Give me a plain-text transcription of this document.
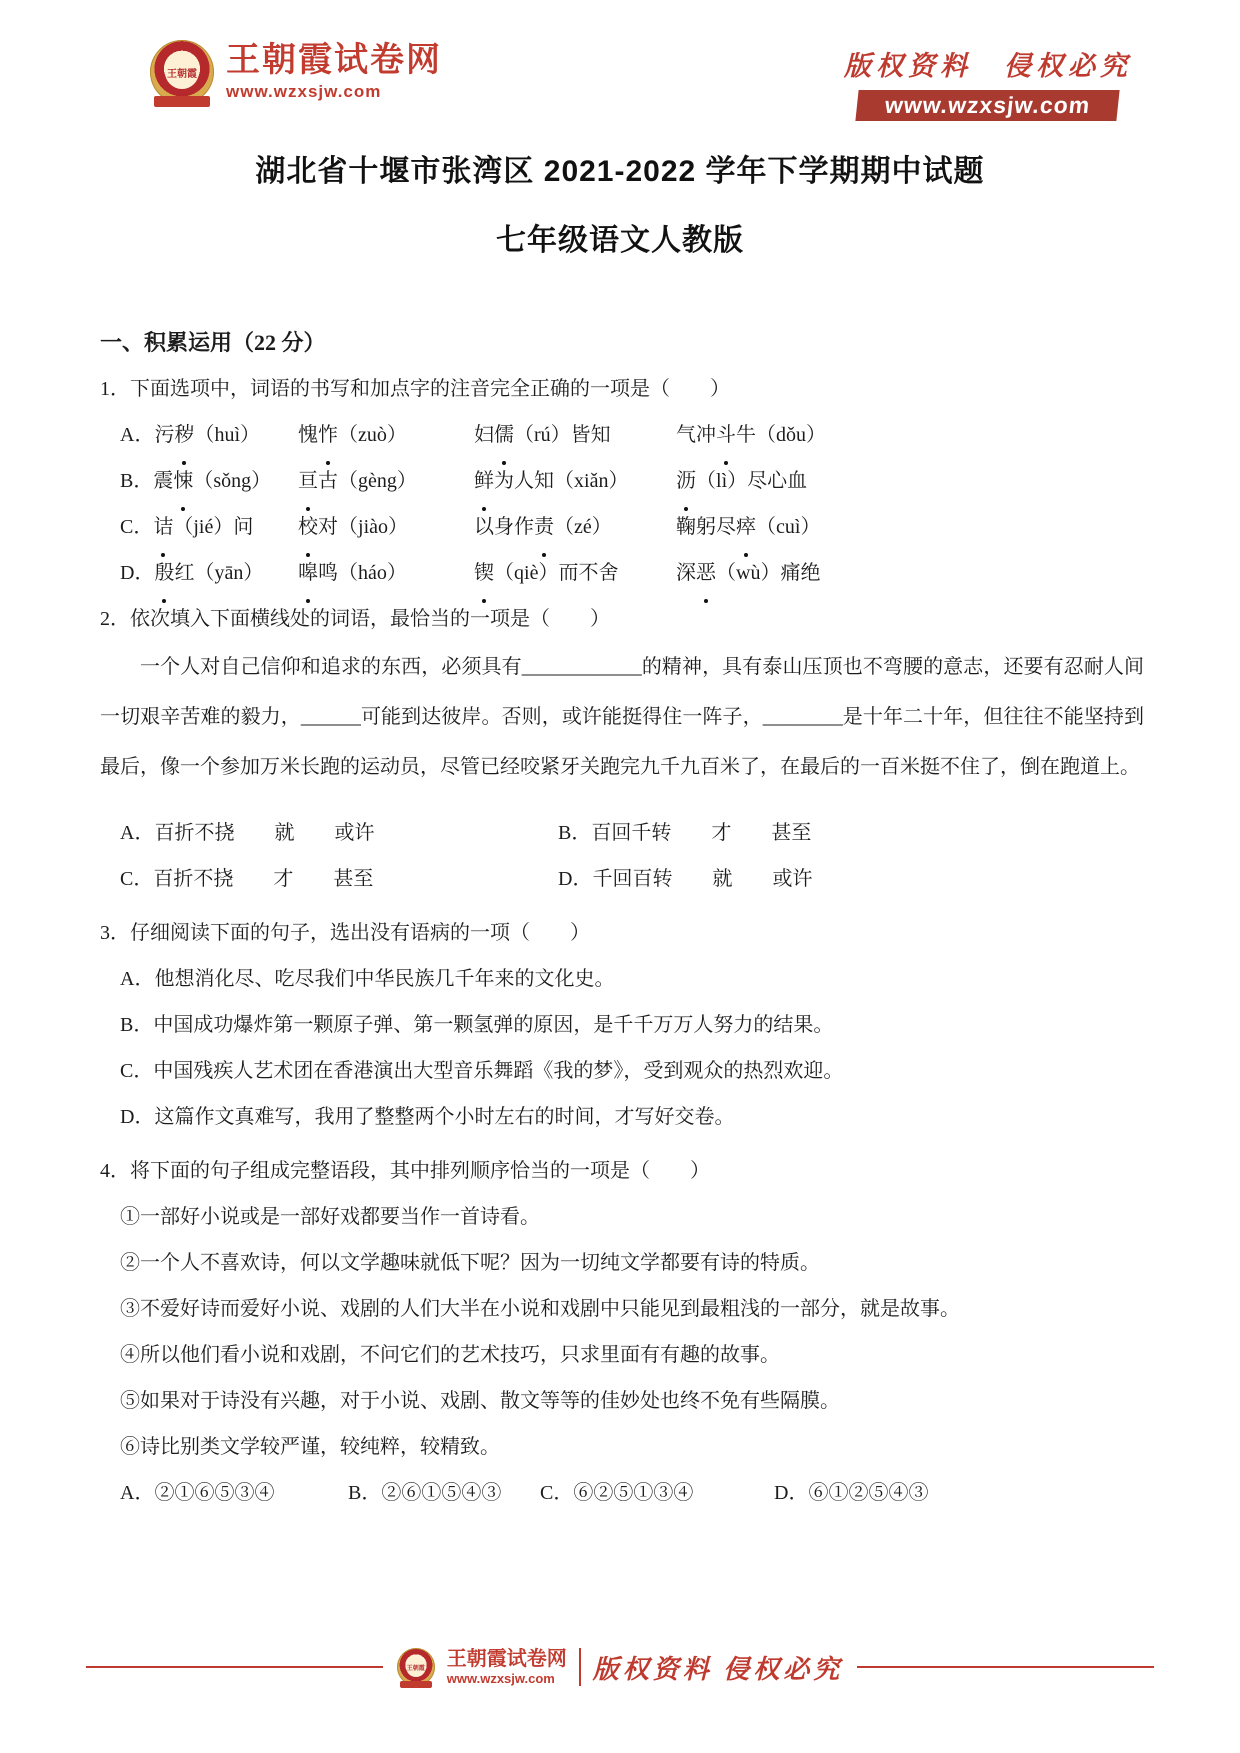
王朝霞 王朝霞试卷网
www.wzxsjw.com
版权资料　侵权必究
www.wzxsjw.com
湖北省十堰市张湾区 2021-2022 学年下学期期中试题
七年级语文人教版
一、积累运用（22 分）
1．下面选项中，词语的书写和加点字的注音完全正确的一项是（　　）
A．污秽（huì）	愧怍（zuò）	妇儒（rú）皆知	气冲斗牛（dǒu）
B．震悚（sǒng）	亘古（gèng）	鲜为人知（xiǎn）	沥（lì）尽心血
C．诘（jié）问	校对（jiào）	以身作责（zé）	鞠躬尽瘁（cuì）
D．殷红（yān）	嗥鸣（háo）	锲（qiè）而不舍	深恶（wù）痛绝
2．依次填入下面横线处的词语，最恰当的一项是（　　）
一个人对自己信仰和追求的东西，必须具有____________的精神，具有泰山压顶也不弯腰的意志，还要有忍耐人间一切艰辛苦难的毅力，______可能到达彼岸。否则，或许能挺得住一阵子，________是十年二十年，但往往不能坚持到最后，像一个参加万米长跑的运动员，尽管已经咬紧牙关跑完九千九百米了，在最后的一百米挺不住了，倒在跑道上。
A．百折不挠　　就　　或许	B．百回千转　　才　　甚至
C．百折不挠　　才　　甚至	D．千回百转　　就　　或许
3．仔细阅读下面的句子，选出没有语病的一项（　　）
A．他想消化尽、吃尽我们中华民族几千年来的文化史。
B．中国成功爆炸第一颗原子弹、第一颗氢弹的原因，是千千万万人努力的结果。
C．中国残疾人艺术团在香港演出大型音乐舞蹈《我的梦》，受到观众的热烈欢迎。
D．这篇作文真难写，我用了整整两个小时左右的时间，才写好交卷。
4．将下面的句子组成完整语段，其中排列顺序恰当的一项是（　　）
①一部好小说或是一部好戏都要当作一首诗看。
②一个人不喜欢诗，何以文学趣味就低下呢？因为一切纯文学都要有诗的特质。
③不爱好诗而爱好小说、戏剧的人们大半在小说和戏剧中只能见到最粗浅的一部分，就是故事。
④所以他们看小说和戏剧，不问它们的艺术技巧，只求里面有有趣的故事。
⑤如果对于诗没有兴趣，对于小说、戏剧、散文等等的佳妙处也终不免有些隔膜。
⑥诗比别类文学较严谨，较纯粹，较精致。
A．②①⑥⑤③④	B．②⑥①⑤④③	C．⑥②⑤①③④	D．⑥①②⑤④③
王朝霞 王朝霞试卷网
www.wzxsjw.com	版权资料 侵权必究
